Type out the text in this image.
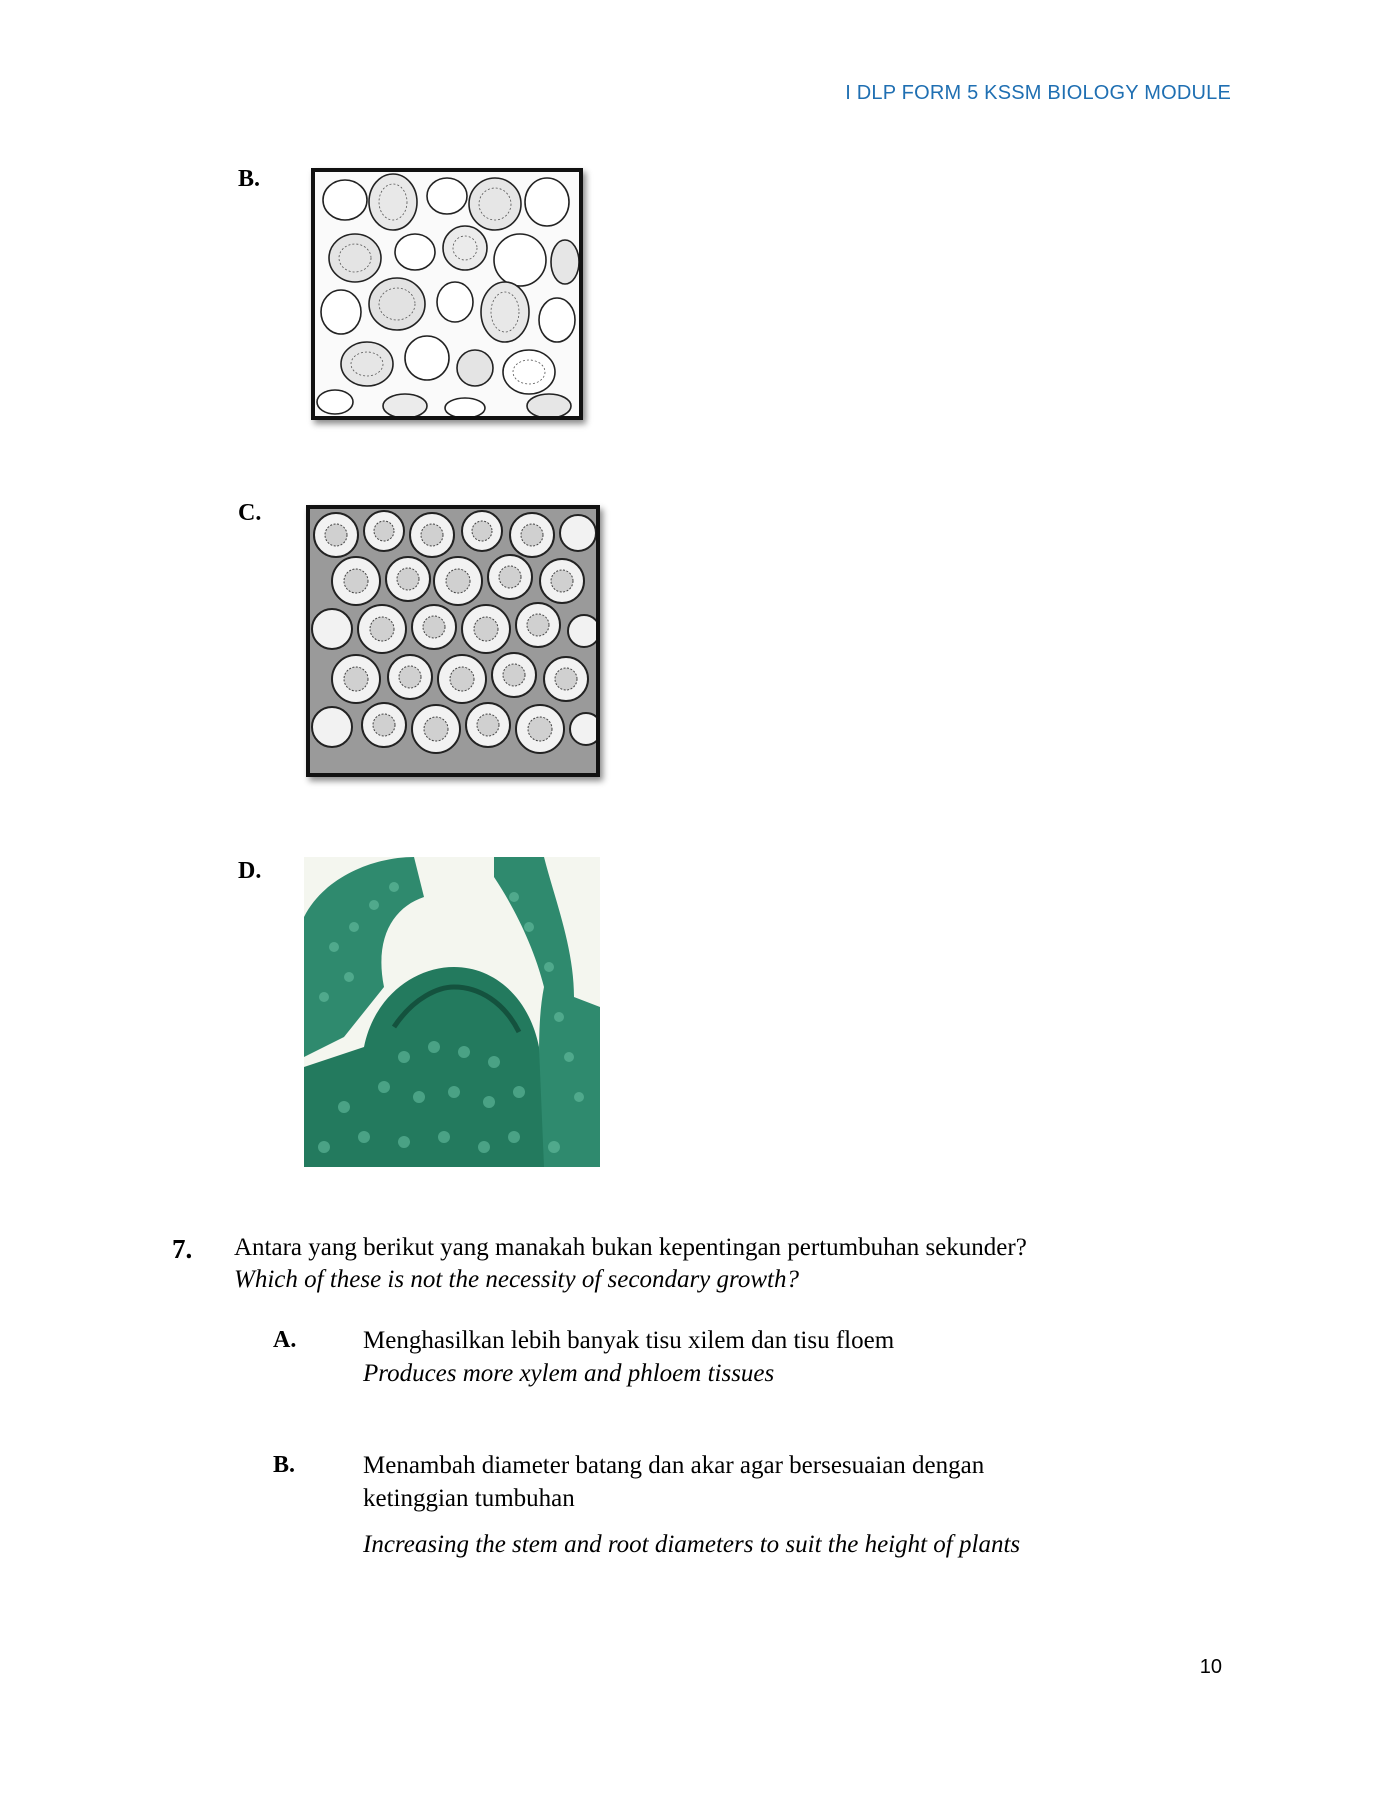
I DLP FORM 5 KSSM BIOLOGY MODULE
B.
C.
D.
7. Antara yang berikut yang manakah bukan kepentingan pertumbuhan sekunder?
Which of these is not the necessity of secondary growth?
A.	Menghasilkan lebih banyak tisu xilem dan tisu floem
Produces more xylem and phloem tissues
B.	Menambah diameter batang dan akar agar bersesuaian dengan
ketinggian tumbuhan
Increasing the stem and root diameters to suit the height of plants
10
